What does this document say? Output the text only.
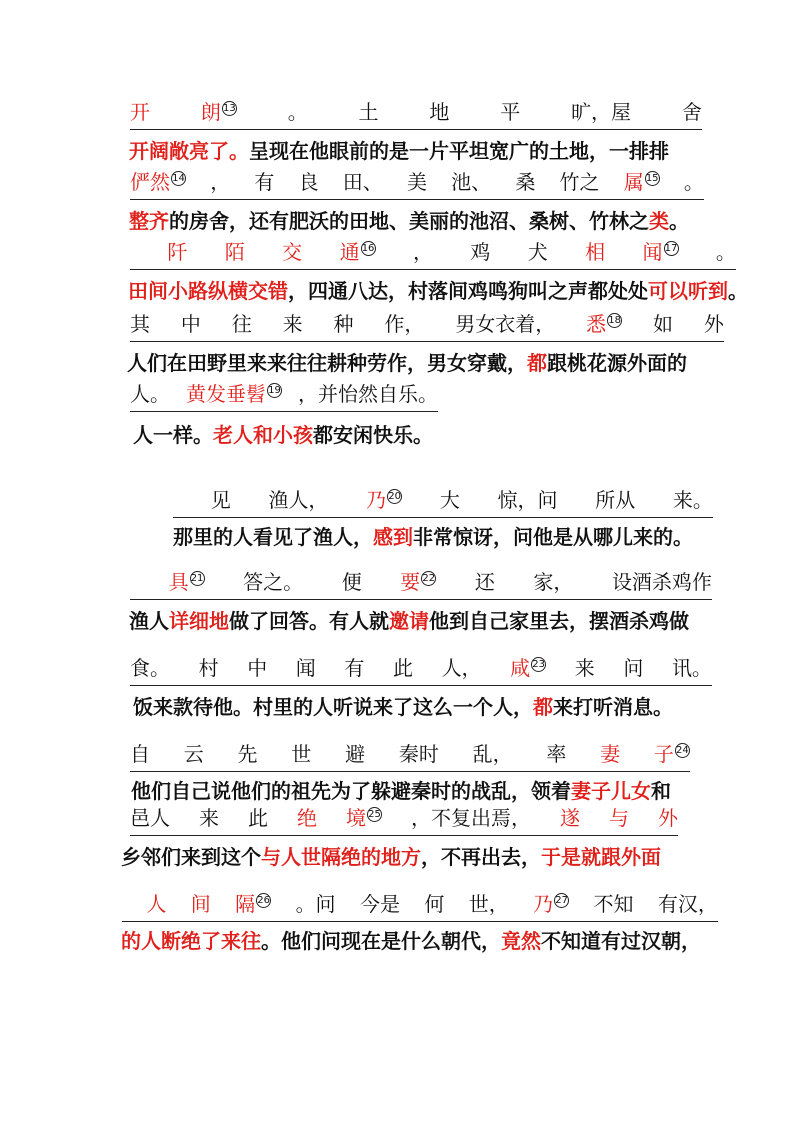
开	朗 13	。	土	地	平	旷，屋	舍
开阔敞亮了。呈现在他眼前的是一片平坦宽广的土地，一排排
俨然 14 ， 有 良 田、 美 池、 桑 竹之 属 15 。
整齐的房舍，还有肥沃的田地、美丽的池沼、桑树、竹林之类。
阡 陌 交 通 16 ， 鸡 犬 相 闻 17 。
田间小路纵横交错，四通八达，村落间鸡鸣狗叫之声都处处可以听到。
其 中 往 来 种 作， 男女衣着， 悉 18 如 外
人们在田野里来来往往耕种劳作，男女穿戴，都跟桃花源外面的
人。 黄发垂髫 19 ，并怡然自乐。
人一样。老人和小孩都安闲快乐。
见 渔人， 乃 20 大 惊，问 所从 来。
那里的人看见了渔人，感到非常惊讶，问他是从哪儿来的。
具 21 答之。 便 要 22 还 家， 设酒杀鸡作
渔人详细地做了回答。有人就邀请他到自己家里去，摆酒杀鸡做
食。 村 中 闻 有 此 人， 咸 23 来 问 讯。
饭来款待他。村里的人听说来了这么一个人，都来打听消息。
自 云 先 世 避 秦时 乱， 率 妻 子 24
他们自己说他们的祖先为了躲避秦时的战乱，领着妻子儿女和
邑人 来 此 绝 境 25 ，不复出焉， 遂 与 外
乡邻们来到这个与人世隔绝的地方，不再出去，于是就跟外面
人 间 隔 26 。问 今是 何 世， 乃 27 不知 有汉，
的人断绝了来往。他们问现在是什么朝代，竟然不知道有过汉朝，
